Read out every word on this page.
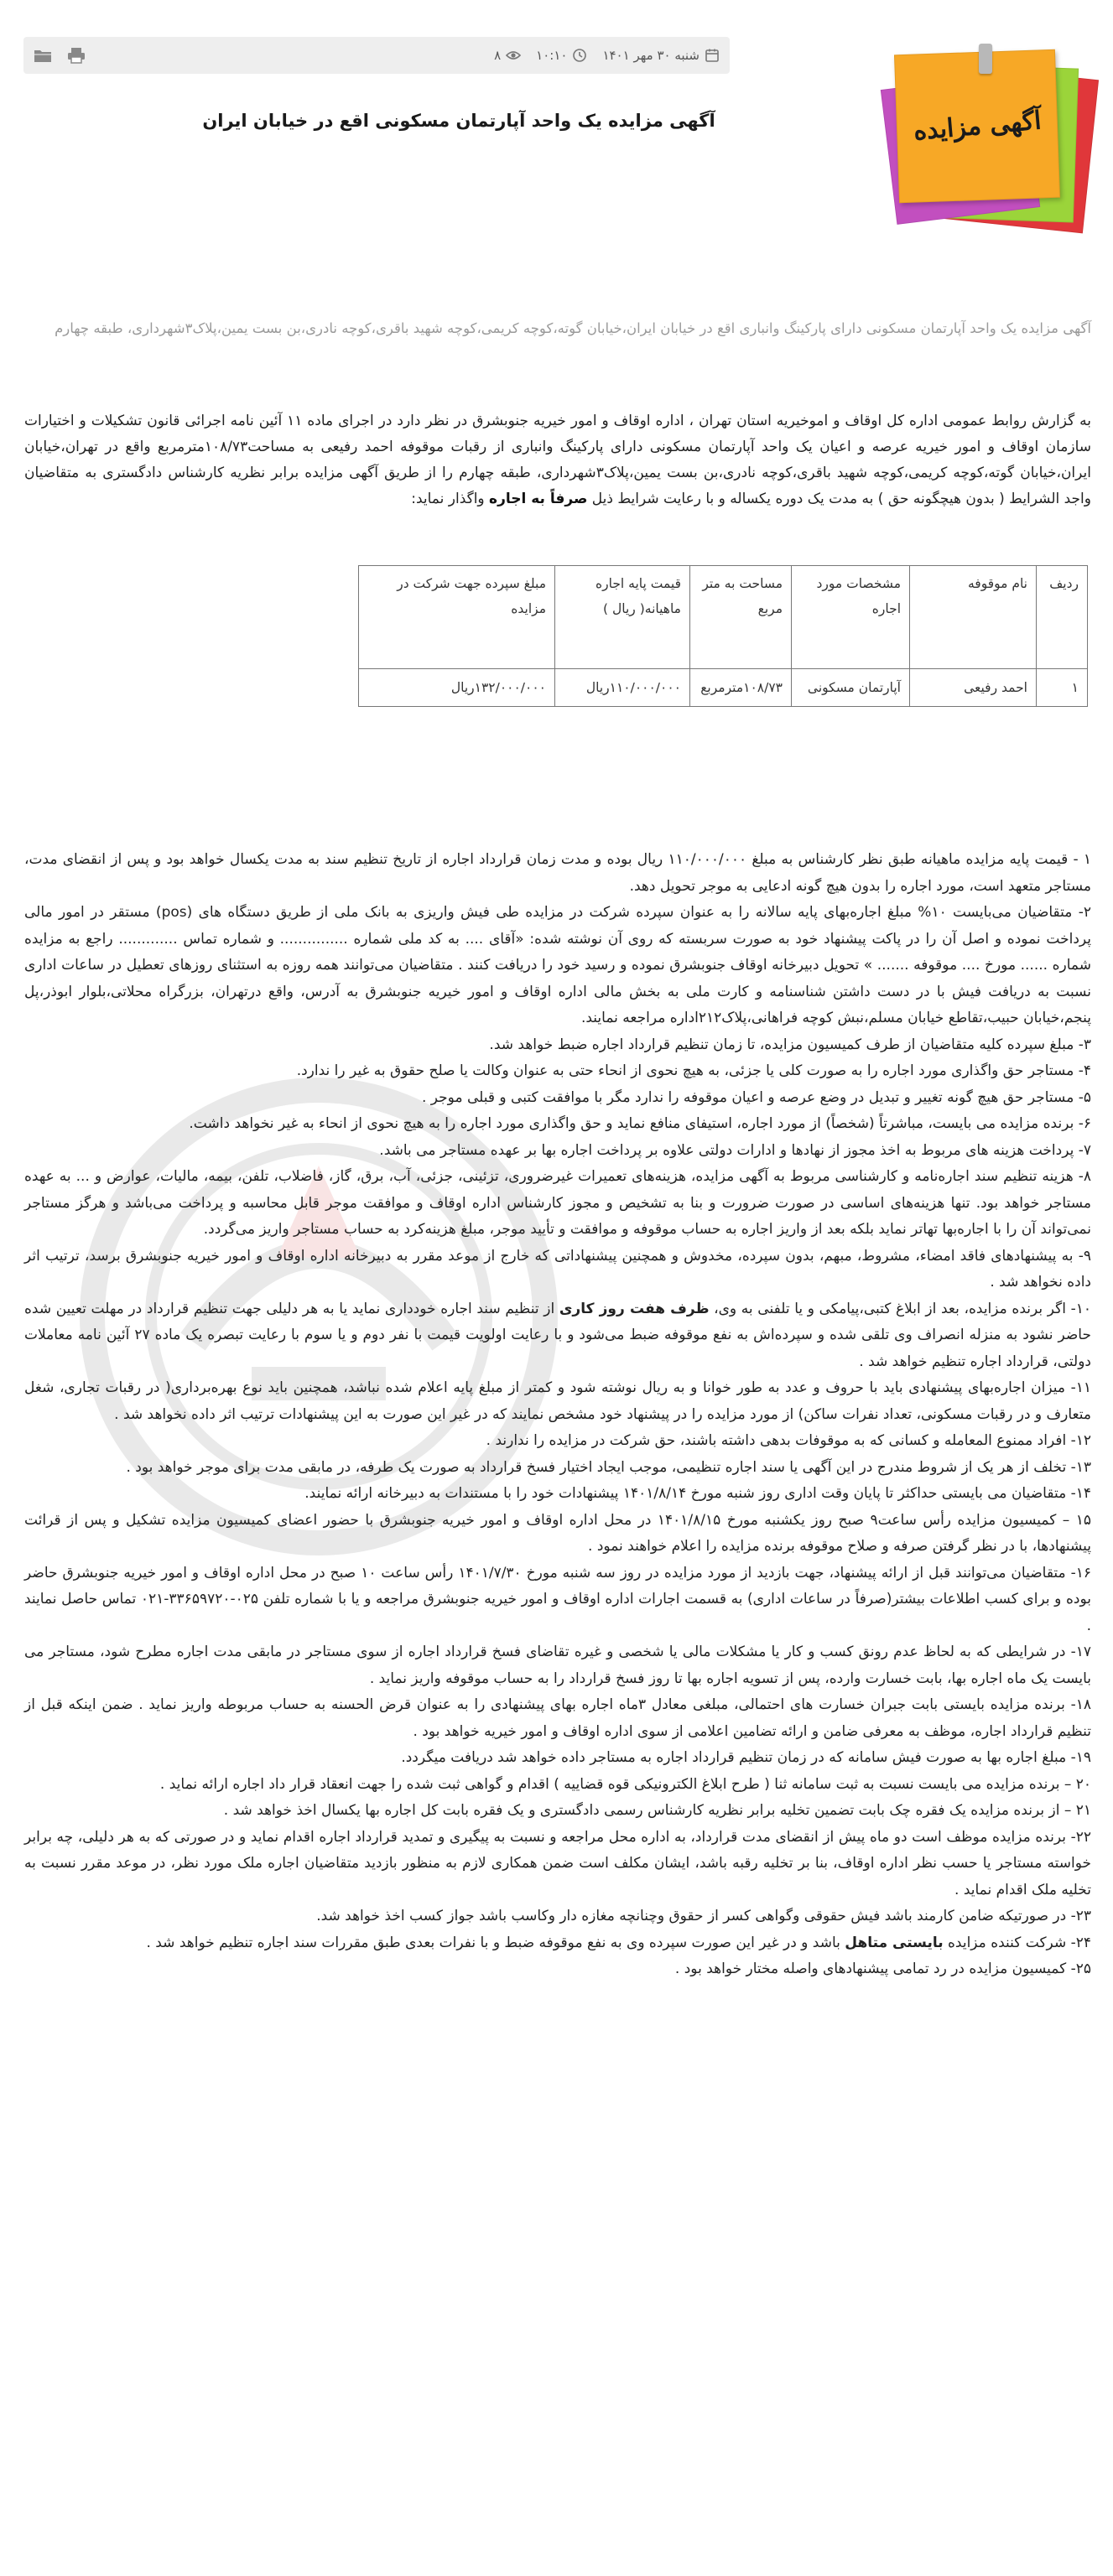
آگهی مزایده
شنبه ۳۰ مهر ۱۴۰۱
۱۰:۱۰
۸
آگهی مزایده یک واحد آپارتمان مسکونی اقع در خیابان ایران

آگهی مزایده یک واحد آپارتمان مسکونی دارای پارکینگ وانباری اقع در خیابان ایران،خیابان گوته،کوچه کریمی،کوچه شهید باقری،کوچه نادری،بن بست یمین،پلاک۳شهرداری، طبقه چهارم

به گزارش روابط عمومی اداره کل اوقاف و اموخیریه استان تهران ، اداره اوقاف و امور خیریه جنوبشرق در نظر دارد در اجرای ماده ۱۱ آئین نامه اجرائی قانون تشکیلات و اختیارات سازمان اوقاف و امور خیریه عرصه و اعیان یک واحد آپارتمان مسکونی دارای پارکینگ وانباری از رقبات موقوفه احمد رفیعی به مساحت۱۰۸/۷۳مترمربع واقع در تهران،خیابان ایران،خیابان گوته،کوچه کریمی،کوچه شهید باقری،کوچه نادری،بن بست یمین،پلاک۳شهرداری، طبقه چهارم را از طریق آگهی مزایده برابر نظریه کارشناس دادگستری به متقاضیان واجد الشرایط ( بدون هیچگونه حق ) به مدت یک دوره یکساله و با رعایت شرایط ذیل صرفاً به اجاره واگذار نماید:

ردیف	نام موقوفه	مشخصات مورد اجاره	مساحت به متر مربع	قیمت پایه اجاره ماهیانه( ریال )	مبلغ سپرده جهت شرکت در مزایده
۱	احمد رفیعی	آپارتمان مسکونی	۱۰۸/۷۳مترمربع	۱۱۰/۰۰۰/۰۰۰ریال	۱۳۲/۰۰۰/۰۰۰ریال

۱ - قیمت پایه مزایده ماهیانه طبق نظر کارشناس به مبلغ ۱۱۰/۰۰۰/۰۰۰ ریال بوده و مدت زمان قرارداد اجاره از تاریخ تنظیم سند به مدت یکسال خواهد بود و پس از انقضای مدت، مستاجر متعهد است، مورد اجاره را بدون هیچ گونه ادعایی به موجر تحویل دهد.

۲- متقاضیان می‌بایست ۱۰% مبلغ اجاره‌بهای پایه سالانه را به عنوان سپرده شرکت در مزایده طی فیش واریزی به بانک ملی از طریق دستگاه های (pos) مستقر در امور مالی پرداخت نموده و اصل آن را در پاکت پیشنهاد خود به صورت سربسته که روی آن نوشته شده: «آقای .... به کد ملی شماره ............... و شماره تماس ............. راجع به مزایده شماره ...... مورخ .... موقوفه ....... » تحویل دبیرخانه اوقاف جنوبشرق نموده و رسید خود را دریافت کنند . متقاضیان می‌توانند همه روزه به استثنای روزهای تعطیل در ساعات اداری نسبت به دریافت فیش با در دست داشتن شناسنامه و کارت ملی به بخش مالی اداره اوقاف و امور خیریه جنوبشرق به آدرس، واقع درتهران، بزرگراه محلاتی،بلوار ابوذر،پل پنجم،خیابان حبیب،تقاطع خیابان مسلم،نبش کوچه فراهانی،پلاک۲۱۲اداره مراجعه نمایند.

۳- مبلغ سپرده کلیه متقاضیان از طرف کمیسیون مزایده، تا زمان تنظیم قرارداد اجاره ضبط خواهد شد.

۴- مستاجر حق واگذاری مورد اجاره را به صورت کلی یا جزئی، به هیچ نحوی از انحاء حتی به عنوان وکالت یا صلح حقوق به غیر را ندارد.

۵- مستاجر حق هیچ گونه تغییر و تبدیل در وضع عرصه و اعیان موقوفه را ندارد مگر با موافقت کتبی و قبلی موجر .

۶- برنده مزایده می بایست، مباشرتاً (شخصاً) از مورد اجاره، استیفای منافع نماید و حق واگذاری مورد اجاره را به هیچ نحوی از انحاء به غیر نخواهد داشت.

۷- پرداخت هزینه های مربوط به اخذ مجوز از نهادها و ادارات دولتی علاوه بر پرداخت اجاره بها بر عهده مستاجر می باشد.

۸- هزینه تنظیم سند اجاره‌نامه و کارشناسی مربوط به آگهی مزایده، هزینه‌های تعمیرات غیرضروری، تزئینی، جزئی، آب، برق، گاز، فاضلاب، تلفن، بیمه، مالیات، عوارض و ... به عهده مستاجر خواهد بود. تنها هزینه‌های اساسی در صورت ضرورت و بنا به تشخیص و مجوز کارشناس اداره اوقاف و موافقت موجر قابل محاسبه و پرداخت می‌باشد و هرگز مستاجر نمی‌تواند آن را با اجاره‌بها تهاتر نماید بلکه بعد از واریز اجاره به حساب موقوفه و موافقت و تأیید موجر، مبلغ هزینه‌کرد به حساب مستاجر واریز می‌گردد.

۹- به پیشنهادهای فاقد امضاء، مشروط، مبهم، بدون سپرده، مخدوش و همچنین پیشنهاداتی که خارج از موعد مقرر به دبیرخانه اداره اوقاف و امور خیریه جنوبشرق برسد، ترتیب اثر داده نخواهد شد .

۱۰- اگر برنده مزایده، بعد از ابلاغ کتبی،پیامکی و یا تلفنی به وی، ظرف هفت روز کاری از تنظیم سند اجاره خودداری نماید یا به هر دلیلی جهت تنظیم قرارداد در مهلت تعیین شده حاضر نشود به منزله انصراف وی تلقی شده و سپرده‌اش به نفع موقوفه ضبط می‌شود و با رعایت اولویت قیمت با نفر دوم و یا سوم با رعایت تبصره یک ماده ۲۷ آئین نامه معاملات دولتی، قرارداد اجاره تنظیم خواهد شد .

۱۱- میزان اجاره‌بهای پیشنهادی باید با حروف و عدد به طور خوانا و به ریال نوشته شود و کمتر از مبلغ پایه اعلام شده نباشد، همچنین باید نوع بهره‌برداری( در رقبات تجاری، شغل متعارف و در رقبات مسکونی، تعداد نفرات ساکن) از مورد مزایده را در پیشنهاد خود مشخص نمایند که در غیر این صورت به این پیشنهادات ترتیب اثر داده نخواهد شد .

۱۲- افراد ممنوع المعامله و کسانی که به موقوفات بدهی داشته باشند، حق شرکت در مزایده را ندارند .

۱۳- تخلف از هر یک از شروط مندرج در این آگهی یا سند اجاره تنظیمی، موجب ایجاد اختیار فسخ قرارداد به صورت یک طرفه، در مابقی مدت برای موجر خواهد بود .

۱۴- متقاضیان می بایستی حداکثر تا پایان وقت اداری روز شنبه مورخ ۱۴۰۱/۸/۱۴ پیشنهادات خود را با مستندات به دبیرخانه ارائه نمایند.

۱۵ – کمیسیون مزایده رأس ساعت۹ صبح روز یکشنبه مورخ ۱۴۰۱/۸/۱۵ در محل اداره اوقاف و امور خیریه جنوبشرق با حضور اعضای کمیسیون مزایده تشکیل و پس از قرائت پیشنهادها، با در نظر گرفتن صرفه و صلاح موقوفه برنده مزایده را اعلام خواهند نمود .

۱۶- متقاضیان می‌توانند قبل از ارائه پیشنهاد، جهت بازدید از مورد مزایده در روز سه شنبه مورخ ۱۴۰۱/۷/۳۰ رأس ساعت ۱۰ صبح در محل اداره اوقاف و امور خیریه جنوبشرق حاضر بوده و برای کسب اطلاعات بیشتر(صرفاً در ساعات اداری) به قسمت اجارات اداره اوقاف و امور خیریه جنوبشرق مراجعه و یا با شماره تلفن ۰۲۵-۳۳۶۵۹۷۲۰-۰۲۱ تماس حاصل نمایند .

۱۷- در شرایطی که به لحاظ عدم رونق کسب و کار یا مشکلات مالی یا شخصی و غیره تقاضای فسخ قرارداد اجاره از سوی مستاجر در مابقی مدت اجاره مطرح شود، مستاجر می بایست یک ماه اجاره بها، بابت خسارت وارده، پس از تسویه اجاره بها تا روز فسخ قرارداد را به حساب موقوفه واریز نماید .

۱۸- برنده مزایده بایستی بابت جبران خسارت های احتمالی، مبلغی معادل ۳ماه اجاره بهای پیشنهادی را به عنوان قرض الحسنه به حساب مربوطه واریز نماید . ضمن اینکه قبل از تنظیم قرارداد اجاره، موظف به معرفی ضامن و ارائه تضامین اعلامی از سوی اداره اوقاف و امور خیریه خواهد بود .

۱۹- مبلغ اجاره بها به صورت فیش سامانه که در زمان تنظیم قرارداد اجاره به مستاجر داده خواهد شد دریافت میگردد.

۲۰ – برنده مزایده می بایست نسبت به ثبت سامانه ثنا ( طرح ابلاغ الکترونیکی قوه قضاییه ) اقدام و گواهی ثبت شده را جهت انعقاد قرار داد اجاره ارائه نماید .

۲۱ – از برنده مزایده یک فقره چک بابت تضمین تخلیه برابر نظریه کارشناس رسمی دادگستری و یک فقره بابت کل اجاره بها یکسال اخذ خواهد شد .

۲۲- برنده مزایده موظف است دو ماه پیش از انقضای مدت قرارداد، به اداره محل مراجعه و نسبت به پیگیری و تمدید قرارداد اجاره اقدام نماید و در صورتی که به هر دلیلی، چه برابر خواسته مستاجر یا حسب نظر اداره اوقاف، بنا بر تخلیه رقبه باشد، ایشان مکلف است ضمن همکاری لازم به منظور بازدید متقاضیان اجاره ملک مورد نظر، در موعد مقرر نسبت به تخلیه ملک اقدام نماید .

۲۳- در صورتیکه ضامن کارمند باشد فیش حقوقی وگواهی کسر از حقوق وچنانچه مغازه دار وکاسب باشد جواز کسب اخذ خواهد شد.

۲۴- شرکت کننده مزایده بایستی متاهل باشد و در غیر این صورت سپرده وی به نفع موقوفه ضبط و با نفرات بعدی طبق مقررات سند اجاره تنظیم خواهد شد .

۲۵- کمیسیون مزایده در رد تمامی پیشنهادهای واصله مختار خواهد بود .
